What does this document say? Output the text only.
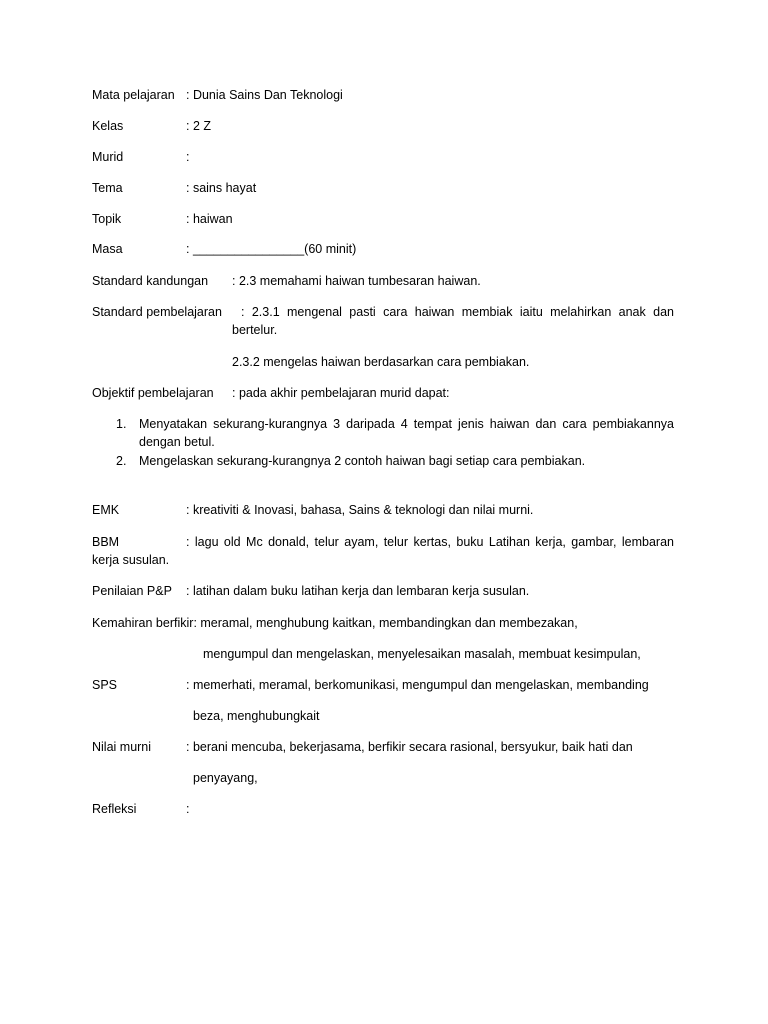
Mata pelajaran : Dunia Sains Dan Teknologi
Kelas	: 2 Z
Murid	:
Tema	: sains hayat
Topik	: haiwan
Masa	: ________________(60 minit)
Standard kandungan : 2.3 memahami haiwan tumbesaran haiwan.
Standard pembelajaran : 2.3.1 mengenal pasti cara haiwan membiak iaitu melahirkan anak dan
bertelur.
2.3.2 mengelas haiwan berdasarkan cara pembiakan.
Objektif pembelajaran : pada akhir pembelajaran murid dapat:
1. Menyatakan sekurang-kurangnya 3 daripada 4 tempat jenis haiwan dan cara pembiakannya
dengan betul.
2. Mengelaskan sekurang-kurangnya 2 contoh haiwan bagi setiap cara pembiakan.
EMK	: kreativiti & Inovasi, bahasa, Sains & teknologi dan nilai murni.
BBM	: lagu old Mc donald, telur ayam, telur kertas, buku Latihan kerja, gambar, lembaran
kerja susulan.
Penilaian P&P : latihan dalam buku latihan kerja dan lembaran kerja susulan.
Kemahiran berfikir: meramal, menghubung kaitkan, membandingkan dan membezakan,
mengumpul dan mengelaskan, menyelesaikan masalah, membuat kesimpulan,
SPS	: memerhati, meramal, berkomunikasi, mengumpul dan mengelaskan, membanding
beza, menghubungkait
Nilai murni	: berani mencuba, bekerjasama, berfikir secara rasional, bersyukur, baik hati dan
penyayang,
Refleksi	:
